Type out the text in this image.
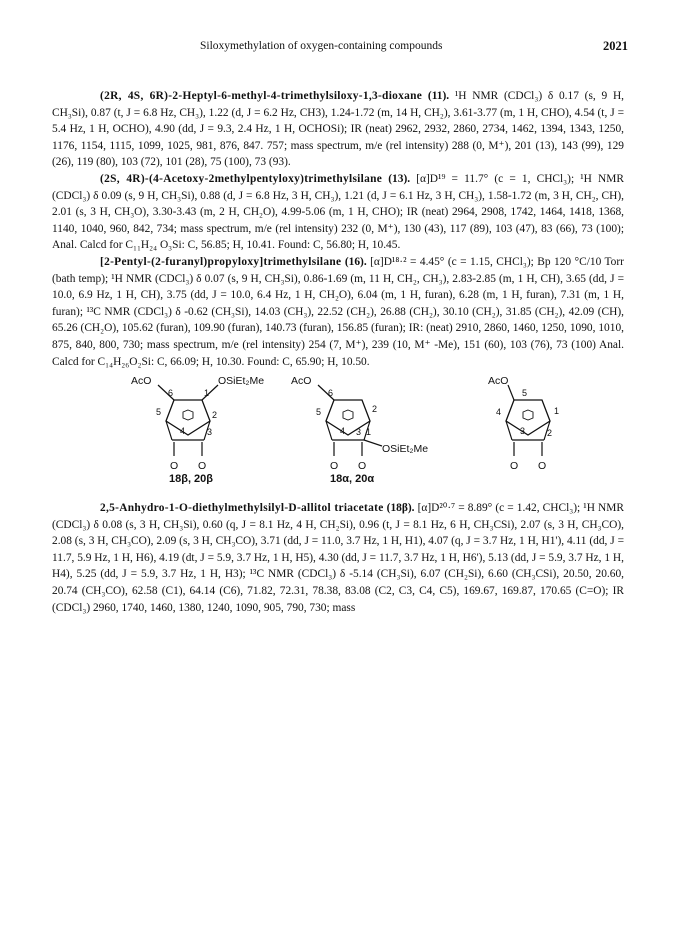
Siloxymethylation of oxygen-containing compounds	2021

(2R, 4S, 6R)-2-Heptyl-6-methyl-4-trimethylsiloxy-1,3-dioxane (11). ¹H NMR (CDCl₃) δ 0.17 (s, 9 H, CH₃Si), 0.87 (t, J = 6.8 Hz, CH₃), 1.22 (d, J = 6.2 Hz, CH3), 1.24-1.72 (m, 14 H, CH₂), 3.61-3.77 (m, 1 H, CHO), 4.54 (t, J = 5.4 Hz, 1 H, OCHO), 4.90 (dd, J = 9.3, 2.4 Hz, 1 H, OCHOSi); IR (neat) 2962, 2932, 2860, 2734, 1462, 1394, 1343, 1250, 1176, 1154, 1115, 1099, 1025, 981, 876, 847. 757; mass spectrum, m/e (rel intensity) 288 (0, M⁺), 201 (13), 143 (99), 129 (26), 119 (80), 103 (72), 101 (28), 75 (100), 73 (93).

(2S, 4R)-(4-Acetoxy-2methylpentyloxy)trimethylsilane (13). [α]D¹⁹ = 11.7° (c = 1, CHCl₃); ¹H NMR (CDCl₃) δ 0.09 (s, 9 H, CH₃Si), 0.88 (d, J = 6.8 Hz, 3 H, CH₃), 1.21 (d, J = 6.1 Hz, 3 H, CH₃), 1.58-1.72 (m, 3 H, CH₂, CH), 2.01 (s, 3 H, CH₃O), 3.30-3.43 (m, 2 H, CH₂O), 4.99-5.06 (m, 1 H, CHO); IR (neat) 2964, 2908, 1742, 1464, 1418, 1368, 1140, 1040, 960, 842, 734; mass spectrum, m/e (rel intensity) 232 (0, M⁺), 130 (43), 117 (89), 103 (47), 83 (66), 73 (100); Anal. Calcd for C₁₁H₂₄ O₃Si: C, 56.85; H, 10.41. Found: C, 56.80; H, 10.45.

[2-Pentyl-(2-furanyl)propyloxy]trimethylsilane (16). [α]D¹⁸·² = 4.45° (c = 1.15, CHCl₃); Bp 120 °C/10 Torr (bath temp); ¹H NMR (CDCl₃) δ 0.07 (s, 9 H, CH₃Si), 0.86-1.69 (m, 11 H, CH₂, CH₃), 2.83-2.85 (m, 1 H, CH), 3.65 (dd, J = 10.0, 6.9 Hz, 1 H, CH), 3.75 (dd, J = 10.0, 6.4 Hz, 1 H, CH₂O), 6.04 (m, 1 H, furan), 6.28 (m, 1 H, furan), 7.31 (m, 1 H, furan); ¹³C NMR (CDCl₃) δ -0.62 (CH₃Si), 14.03 (CH₃), 22.52 (CH₂), 26.88 (CH₂), 30.10 (CH₂), 31.85 (CH₂), 42.09 (CH), 65.26 (CH₂O), 105.62 (furan), 109.90 (furan), 140.73 (furan), 156.85 (furan); IR: (neat) 2910, 2860, 1460, 1250, 1090, 1010, 875, 840, 800, 730; mass spectrum, m/e (rel intensity) 254 (7, M⁺), 239 (10, M⁺ -Me), 151 (60), 103 (76), 73 (100) Anal. Calcd for C₁₄H₂₆O₂Si: C, 66.09; H, 10.30. Found: C, 65.90; H, 10.50.

AcO	OSiEt₂Me
6	1
5
4
2
3
O O
18β, 20β
AcO
OSiEt₂Me
6
5
4
2
3 1
O O
18α, 20α
AcO
5
4	1
3 2
O O

2,5-Anhydro-1-O-diethylmethylsilyl-D-allitol triacetate (18β). [α]D²⁰·⁷ = 8.89° (c = 1.42, CHCl₃); ¹H NMR (CDCl₃) δ 0.08 (s, 3 H, CH₃Si), 0.60 (q, J = 8.1 Hz, 4 H, CH₂Si), 0.96 (t, J = 8.1 Hz, 6 H, CH₃CSi), 2.07 (s, 3 H, CH₃CO), 2.08 (s, 3 H, CH₃CO), 2.09 (s, 3 H, CH₃CO), 3.71 (dd, J = 11.0, 3.7 Hz, 1 H, H1), 4.07 (q, J = 3.7 Hz, 1 H, H1'), 4.11 (dd, J = 11.7, 5.9 Hz, 1 H, H6), 4.19 (dt, J = 5.9, 3.7 Hz, 1 H, H5), 4.30 (dd, J = 11.7, 3.7 Hz, 1 H, H6'), 5.13 (dd, J = 5.9, 3.7 Hz, 1 H, H4), 5.25 (dd, J = 5.9, 3.7 Hz, 1 H, H3); ¹³C NMR (CDCl₃) δ -5.14 (CH₃Si), 6.07 (CH₂Si), 6.60 (CH₃CSi), 20.50, 20.60, 20.74 (CH₃CO), 62.58 (C1), 64.14 (C6), 71.82, 72.31, 78.38, 83.08 (C2, C3, C4, C5), 169.67, 169.87, 170.65 (C=O); IR (CDCl₃) 2960, 1740, 1460, 1380, 1240, 1090, 905, 790, 730; mass
